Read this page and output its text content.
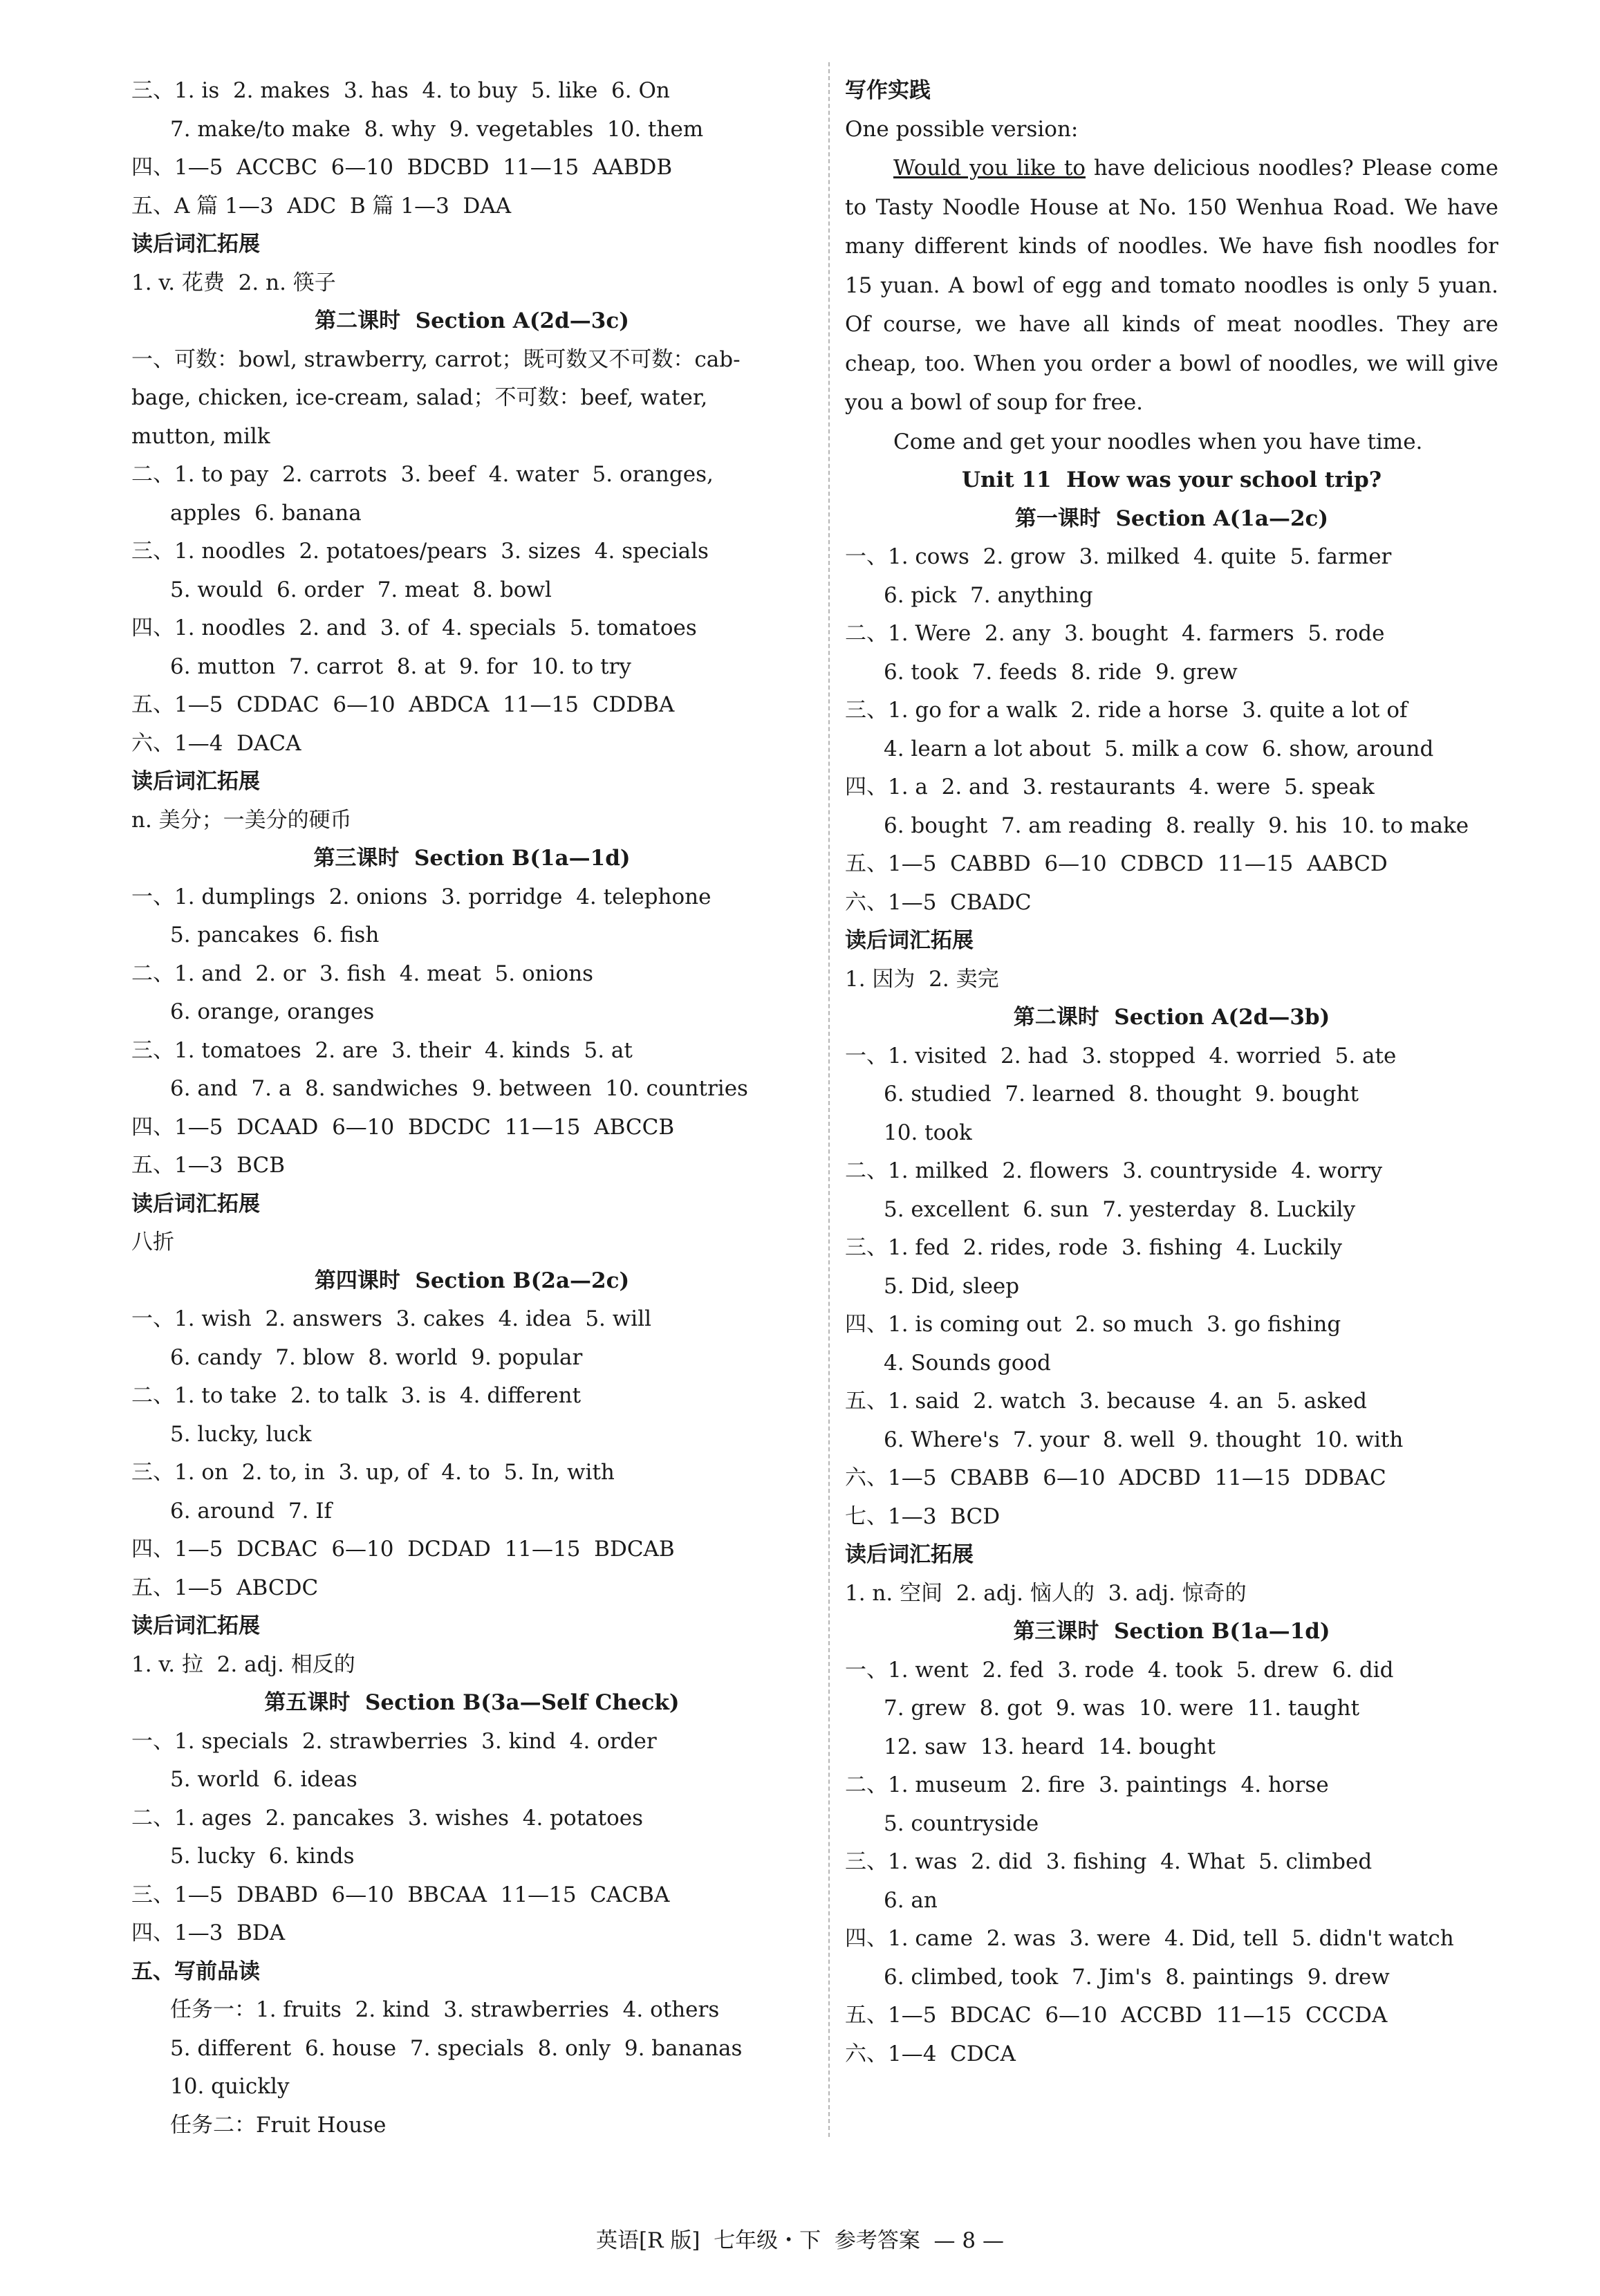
三、1. is  2. makes  3. has  4. to buy  5. like  6. On
7. make/to make  8. why  9. vegetables  10. them
四、1—5  ACCBC  6—10  BDCBD  11—15  AABDB
五、A 篇 1—3  ADC  B 篇 1—3  DAA
读后词汇拓展
1. v. 花费  2. n. 筷子
第二课时  Section A(2d—3c)
一、可数：bowl, strawberry, carrot；既可数又不可数：cab-
bage, chicken, ice-cream, salad；不可数：beef, water,
mutton, milk
二、1. to pay  2. carrots  3. beef  4. water  5. oranges,
apples  6. banana
三、1. noodles  2. potatoes/pears  3. sizes  4. specials
5. would  6. order  7. meat  8. bowl
四、1. noodles  2. and  3. of  4. specials  5. tomatoes
6. mutton  7. carrot  8. at  9. for  10. to try
五、1—5  CDDAC  6—10  ABDCA  11—15  CDDBA
六、1—4  DACA
读后词汇拓展
n. 美分；一美分的硬币
第三课时  Section B(1a—1d)
一、1. dumplings  2. onions  3. porridge  4. telephone
5. pancakes  6. fish
二、1. and  2. or  3. fish  4. meat  5. onions
6. orange, oranges
三、1. tomatoes  2. are  3. their  4. kinds  5. at
6. and  7. a  8. sandwiches  9. between  10. countries
四、1—5  DCAAD  6—10  BDCDC  11—15  ABCCB
五、1—3  BCB
读后词汇拓展
八折
第四课时  Section B(2a—2c)
一、1. wish  2. answers  3. cakes  4. idea  5. will
6. candy  7. blow  8. world  9. popular
二、1. to take  2. to talk  3. is  4. different
5. lucky, luck
三、1. on  2. to, in  3. up, of  4. to  5. In, with
6. around  7. If
四、1—5  DCBAC  6—10  DCDAD  11—15  BDCAB
五、1—5  ABCDC
读后词汇拓展
1. v. 拉  2. adj. 相反的
第五课时  Section B(3a—Self Check)
一、1. specials  2. strawberries  3. kind  4. order
5. world  6. ideas
二、1. ages  2. pancakes  3. wishes  4. potatoes
5. lucky  6. kinds
三、1—5  DBABD  6—10  BBCAA  11—15  CACBA
四、1—3  BDA
五、写前品读
任务一：1. fruits  2. kind  3. strawberries  4. others
5. different  6. house  7. specials  8. only  9. bananas
10. quickly
任务二：Fruit House
写作实践
One possible version:
Would you like to have delicious noodles? Please come to Tasty Noodle House at No. 150 Wenhua Road. We have many different kinds of noodles. We have fish noodles for 15 yuan. A bowl of egg and tomato noodles is only 5 yuan. Of course, we have all kinds of meat noodles. They are cheap, too. When you order a bowl of noodles, we will give you a bowl of soup for free.
Come and get your noodles when you have time.
Unit 11  How was your school trip?
第一课时  Section A(1a—2c)
一、1. cows  2. grow  3. milked  4. quite  5. farmer
6. pick  7. anything
二、1. Were  2. any  3. bought  4. farmers  5. rode
6. took  7. feeds  8. ride  9. grew
三、1. go for a walk  2. ride a horse  3. quite a lot of
4. learn a lot about  5. milk a cow  6. show, around
四、1. a  2. and  3. restaurants  4. were  5. speak
6. bought  7. am reading  8. really  9. his  10. to make
五、1—5  CABBD  6—10  CDBCD  11—15  AABCD
六、1—5  CBADC
读后词汇拓展
1. 因为  2. 卖完
第二课时  Section A(2d—3b)
一、1. visited  2. had  3. stopped  4. worried  5. ate
6. studied  7. learned  8. thought  9. bought
10. took
二、1. milked  2. flowers  3. countryside  4. worry
5. excellent  6. sun  7. yesterday  8. Luckily
三、1. fed  2. rides, rode  3. fishing  4. Luckily
5. Did, sleep
四、1. is coming out  2. so much  3. go fishing
4. Sounds good
五、1. said  2. watch  3. because  4. an  5. asked
6. Where's  7. your  8. well  9. thought  10. with
六、1—5  CBABB  6—10  ADCBD  11—15  DDBAC
七、1—3  BCD
读后词汇拓展
1. n. 空间  2. adj. 恼人的  3. adj. 惊奇的
第三课时  Section B(1a—1d)
一、1. went  2. fed  3. rode  4. took  5. drew  6. did
7. grew  8. got  9. was  10. were  11. taught
12. saw  13. heard  14. bought
二、1. museum  2. fire  3. paintings  4. horse
5. countryside
三、1. was  2. did  3. fishing  4. What  5. climbed
6. an
四、1. came  2. was  3. were  4. Did, tell  5. didn't watch
6. climbed, took  7. Jim's  8. paintings  9. drew
五、1—5  BDCAC  6—10  ACCBD  11—15  CCCDA
六、1—4  CDCA
英语[R 版]  七年级・下  参考答案  — 8 —
